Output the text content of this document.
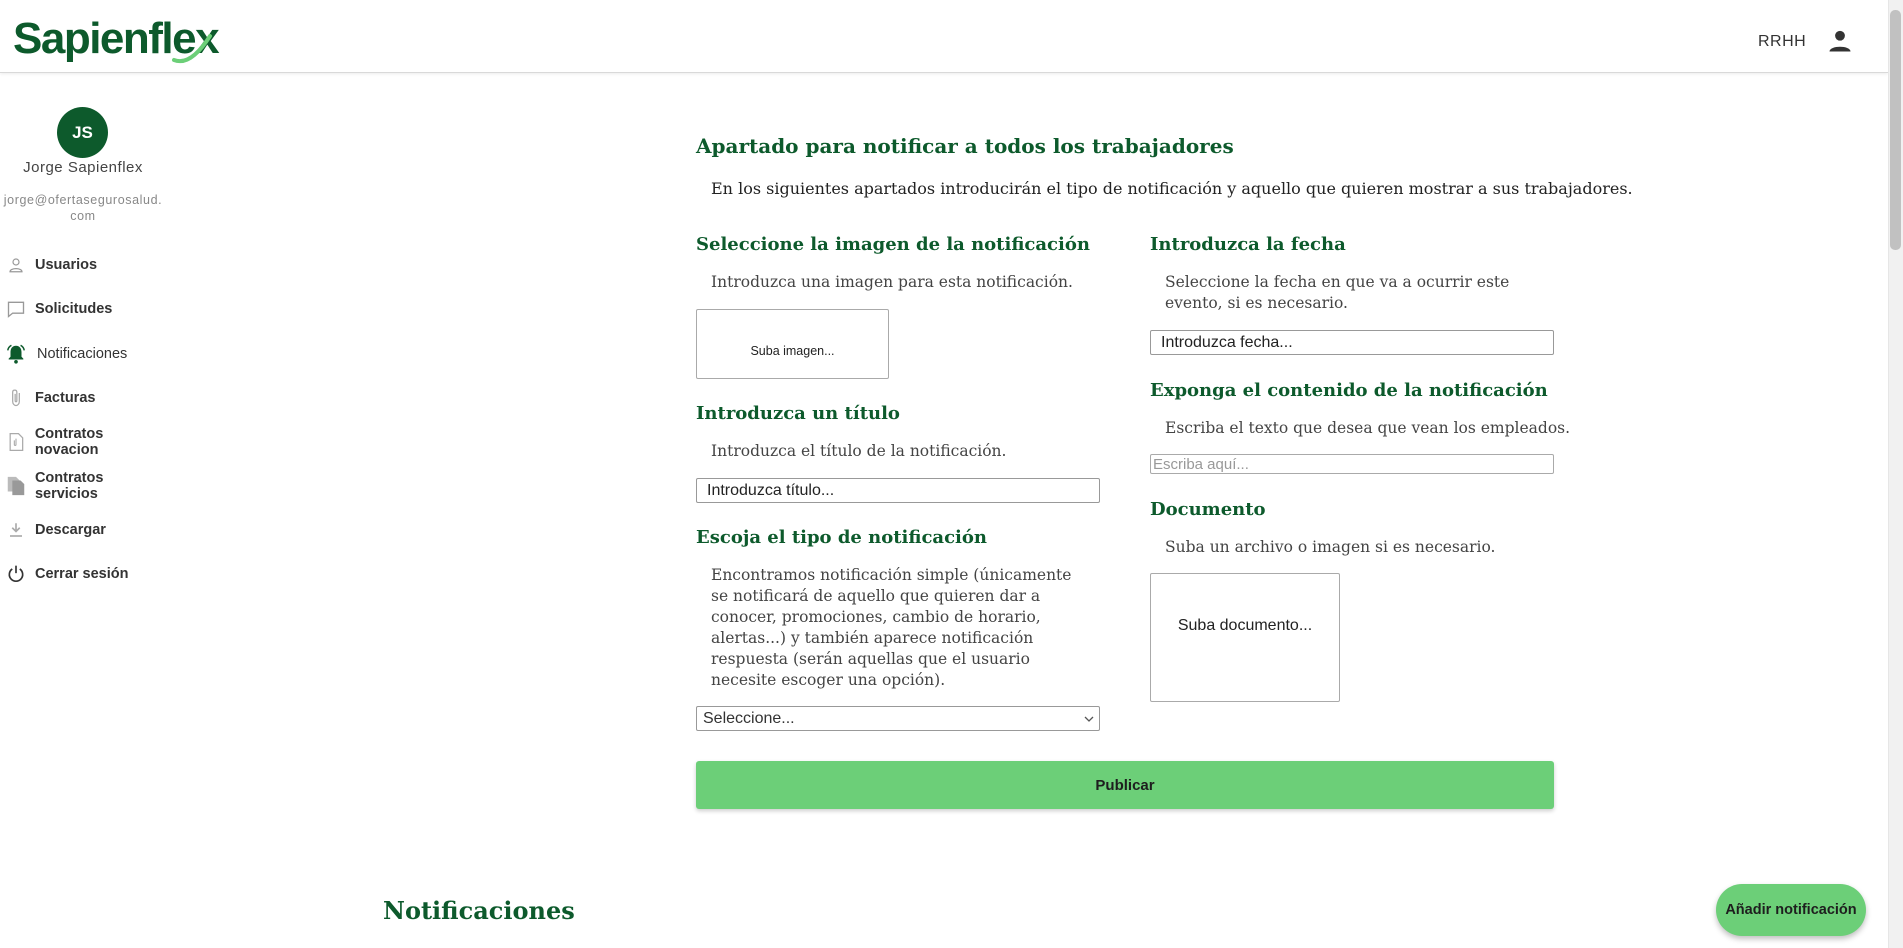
Sapienflex	RRHH
JS
Jorge Sapienflex
jorge@ofertasegurosalud.com
Usuarios
Solicitudes
Notificaciones
Facturas
Contratos novacion
Contratos servicios
Descargar
Cerrar sesión
Apartado para notificar a todos los trabajadores
En los siguientes apartados introducirán el tipo de notificación y aquello que quieren mostrar a sus trabajadores.
Seleccione la imagen de la notificación
Introduzca una imagen para esta notificación.
Suba imagen...
Introduzca un título
Introduzca el título de la notificación.
Introduzca título...
Escoja el tipo de notificación
Encontramos notificación simple (únicamente se notificará de aquello que quieren dar a conocer, promociones, cambio de horario, alertas...) y también aparece notificación respuesta (serán aquellas que el usuario necesite escoger una opción).
Seleccione...
Introduzca la fecha
Seleccione la fecha en que va a ocurrir este evento, si es necesario.
Introduzca fecha...
Exponga el contenido de la notificación
Escriba el texto que desea que vean los empleados.
Escriba aquí...
Documento
Suba un archivo o imagen si es necesario.
Suba documento...
Publicar
Notificaciones	Añadir notificación
